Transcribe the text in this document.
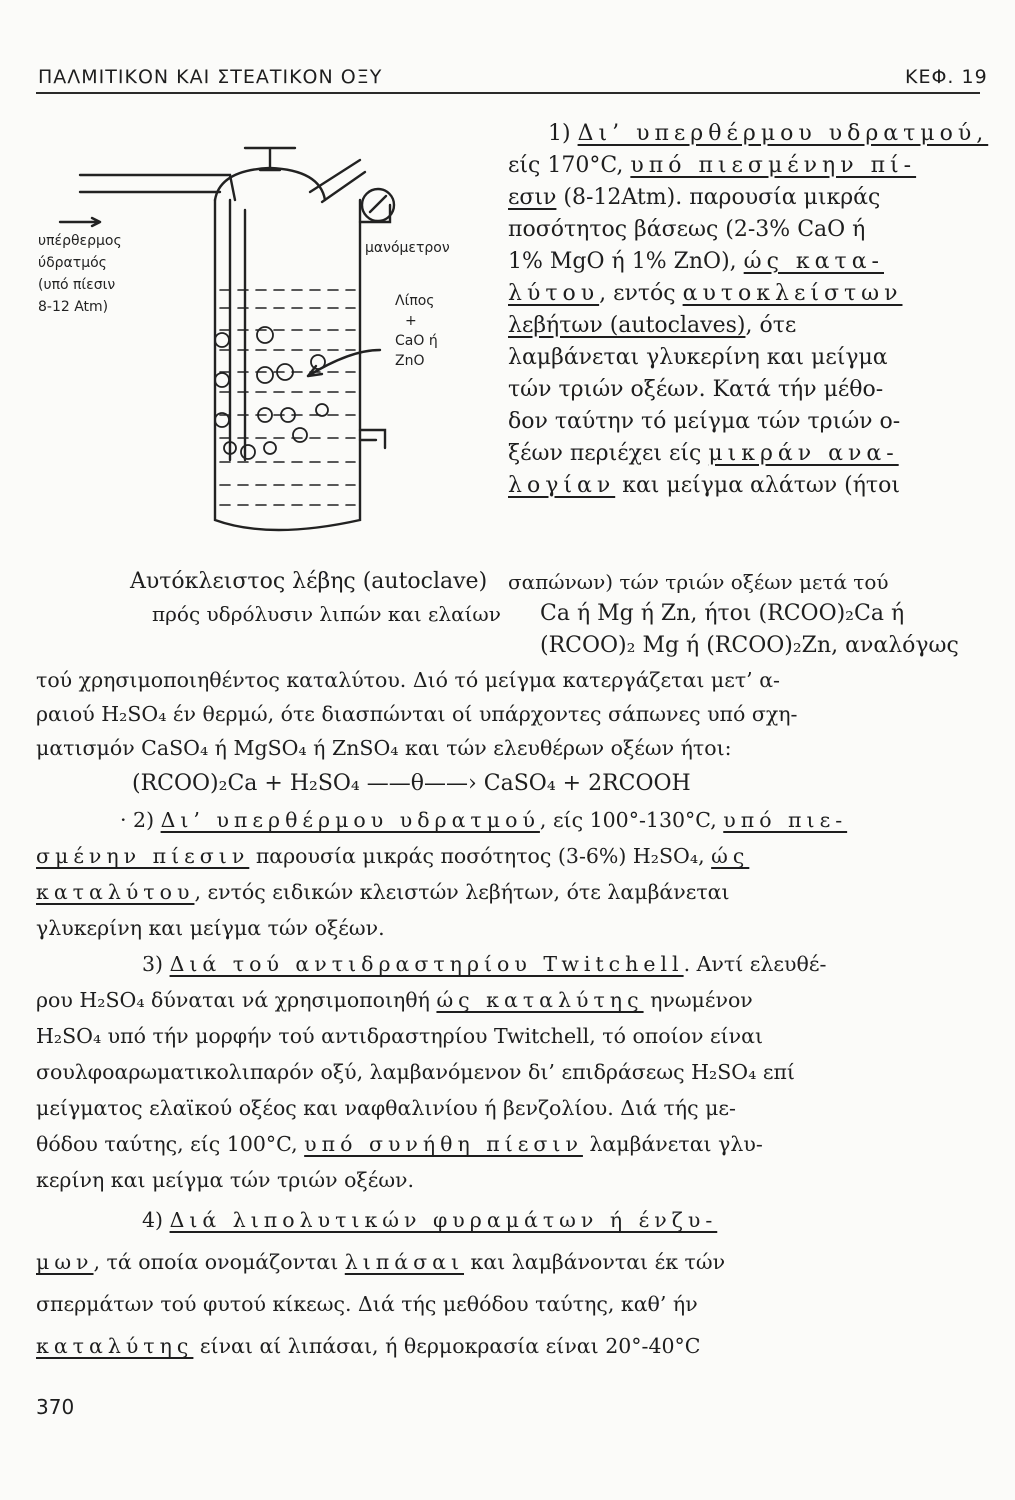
ΠΑΛΜΙΤΙΚΟΝ ΚΑΙ ΣΤΕΑΤΙΚΟΝ ΟΞΥ	ΚΕΦ. 19
υπέρθερμος
ύδρατμός
(υπό πίεσιν
8-12 Atm)
μανόμετρον
Λίπος
+
CaO ή
ZnO
Αυτόκλειστος λέβης (autoclave)
πρός υδρόλυσιν λιπών και ελαίων
1) Δι’ υπερθέρμου υδρατμού,
είς 170°C, υπό πιεσμένην πί-
εσιν (8-12Atm). παρουσία μικράς
ποσότητος βάσεως (2-3% CaO ή
1% MgO ή 1% ZnO), ώς κατα-
λύτου, εντός αυτοκλείστων
λεβήτων (autoclaves), ότε
λαμβάνεται γλυκερίνη και μείγμα
τών τριών οξέων. Κατά τήν μέθο-
δον ταύτην τό μείγμα τών τριών ο-
ξέων περιέχει είς μικράν ανα-
λογίαν και μείγμα αλάτων (ήτοι
σαπώνων) τών τριών οξέων μετά τού
Ca ή Mg ή Zn, ήτοι (RCOO)₂Ca ή
(RCOO)₂ Mg ή (RCOO)₂Zn, αναλόγως
τού χρησιμοποιηθέντος καταλύτου. Διό τό μείγμα κατεργάζεται μετ’ α-
ραιού H₂SO₄ έν θερμώ, ότε διασπώνται οί υπάρχοντες σάπωνες υπό σχη-
ματισμόν CaSO₄ ή MgSO₄ ή ZnSO₄ και τών ελευθέρων οξέων ήτοι:
(RCOO)₂Ca + H₂SO₄ ——θ——› CaSO₄ + 2RCOOH
· 2) Δι’ υπερθέρμου υδρατμού, είς 100°-130°C, υπό πιε-
σμένην πίεσιν παρουσία μικράς ποσότητος (3-6%) H₂SO₄, ώς
καταλύτου, εντός ειδικών κλειστών λεβήτων, ότε λαμβάνεται
γλυκερίνη και μείγμα τών οξέων.
3) Διά τού αντιδραστηρίου Twitchell. Αντί ελευθέ-
ρου H₂SO₄ δύναται νά χρησιμοποιηθή ώς καταλύτης ηνωμένον
H₂SO₄ υπό τήν μορφήν τού αντιδραστηρίου Twitchell, τό οποίον είναι
σουλφοαρωματικολιπαρόν οξύ, λαμβανόμενον δι’ επιδράσεως H₂SO₄ επί
μείγματος ελαϊκού οξέος και ναφθαλινίου ή βενζολίου. Διά τής με-
θόδου ταύτης, είς 100°C, υπό συνήθη πίεσιν λαμβάνεται γλυ-
κερίνη και μείγμα τών τριών οξέων.
4) Διά λιπολυτικών φυραμάτων ή ένζυ-
μων, τά οποία ονομάζονται λιπάσαι και λαμβάνονται έκ τών
σπερμάτων τού φυτού κίκεως. Διά τής μεθόδου ταύτης, καθ’ ήν
καταλύτης είναι αί λιπάσαι, ή θερμοκρασία είναι 20°-40°C
370
